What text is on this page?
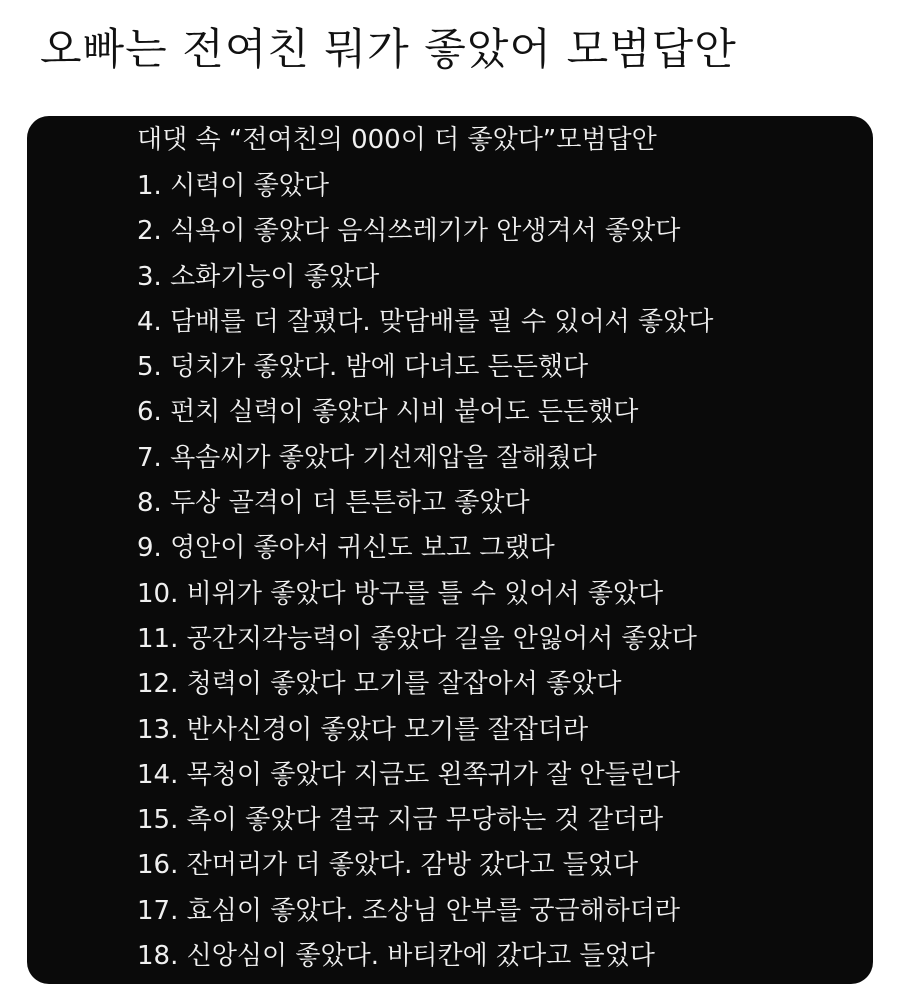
오빠는 전여친 뭐가 좋았어 모범답안
대댓 속 “전여친의 000이 더 좋았다”모범답안
1. 시력이 좋았다
2. 식욕이 좋았다 음식쓰레기가 안생겨서 좋았다
3. 소화기능이 좋았다
4. 담배를 더 잘폈다. 맞담배를 필 수 있어서 좋았다
5. 덩치가 좋았다. 밤에 다녀도 든든했다
6. 펀치 실력이 좋았다 시비 붙어도 든든했다
7. 욕솜씨가 좋았다 기선제압을 잘해줬다
8. 두상 골격이 더 튼튼하고 좋았다
9. 영안이 좋아서 귀신도 보고 그랬다
10. 비위가 좋았다 방구를 틀 수 있어서 좋았다
11. 공간지각능력이 좋았다 길을 안잃어서 좋았다
12. 청력이 좋았다 모기를 잘잡아서 좋았다
13. 반사신경이 좋았다 모기를 잘잡더라
14. 목청이 좋았다 지금도 왼쪽귀가 잘 안들린다
15. 촉이 좋았다 결국 지금 무당하는 것 같더라
16. 잔머리가 더 좋았다. 감방 갔다고 들었다
17. 효심이 좋았다. 조상님 안부를 궁금해하더라
18. 신앙심이 좋았다. 바티칸에 갔다고 들었다
